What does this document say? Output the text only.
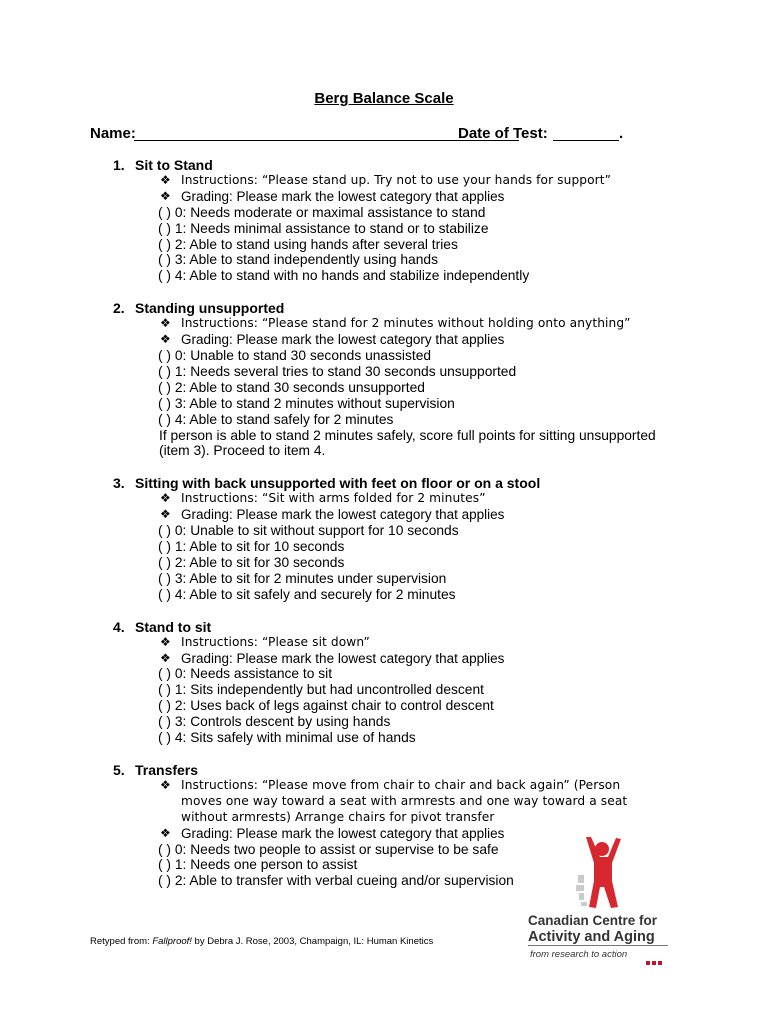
Berg Balance Scale
Name:	Date of Test:	.
1. Sit to Stand
❖ Instructions: “Please stand up. Try not to use your hands for support”
❖ Grading: Please mark the lowest category that applies
( ) 0: Needs moderate or maximal assistance to stand
( ) 1: Needs minimal assistance to stand or to stabilize
( ) 2: Able to stand using hands after several tries
( ) 3: Able to stand independently using hands
( ) 4: Able to stand with no hands and stabilize independently
2. Standing unsupported
❖ Instructions: “Please stand for 2 minutes without holding onto anything”
❖ Grading: Please mark the lowest category that applies
( ) 0: Unable to stand 30 seconds unassisted
( ) 1: Needs several tries to stand 30 seconds unsupported
( ) 2: Able to stand 30 seconds unsupported
( ) 3: Able to stand 2 minutes without supervision
( ) 4: Able to stand safely for 2 minutes
If person is able to stand 2 minutes safely, score full points for sitting unsupported (item 3). Proceed to item 4.
3. Sitting with back unsupported with feet on floor or on a stool
❖ Instructions: “Sit with arms folded for 2 minutes”
❖ Grading: Please mark the lowest category that applies
( ) 0: Unable to sit without support for 10 seconds
( ) 1: Able to sit for 10 seconds
( ) 2: Able to sit for 30 seconds
( ) 3: Able to sit for 2 minutes under supervision
( ) 4: Able to sit safely and securely for 2 minutes
4. Stand to sit
❖ Instructions: “Please sit down”
❖ Grading: Please mark the lowest category that applies
( ) 0: Needs assistance to sit
( ) 1: Sits independently but had uncontrolled descent
( ) 2: Uses back of legs against chair to control descent
( ) 3: Controls descent by using hands
( ) 4: Sits safely with minimal use of hands
5. Transfers
❖ Instructions: “Please move from chair to chair and back again” (Person moves one way toward a seat with armrests and one way toward a seat without armrests) Arrange chairs for pivot transfer
❖ Grading: Please mark the lowest category that applies
( ) 0: Needs two people to assist or supervise to be safe
( ) 1: Needs one person to assist
( ) 2: Able to transfer with verbal cueing and/or supervision
Retyped from: Fallproof! by Debra J. Rose, 2003, Champaign, IL: Human Kinetics
Canadian Centre for
Activity and Aging
from research to action
